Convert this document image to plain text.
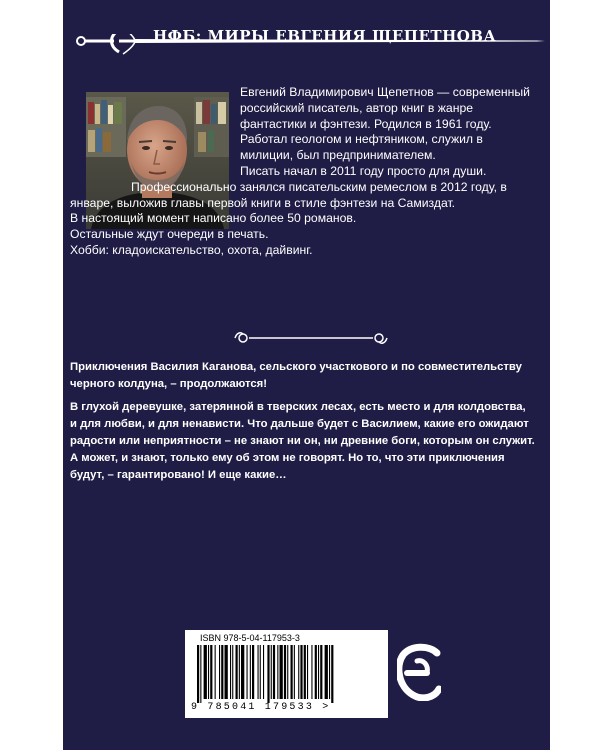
НФБ: МИРЫ ЕВГЕНИЯ ЩЕПЕТНОВА

Евгений Владимирович Щепетнов — современный российский писатель, автор книг в жанре фантастики и фэнтези. Родился в 1961 году. Работал геологом и нефтяником, служил в милиции, был предпринимателем.

Писать начал в 2011 году просто для души.

Профессионально занялся писательским ремеслом в 2012 году, в январе, выложив главы первой книги в стиле фэнтези на Самиздат.

В настоящий момент написано более 50 романов.

Остальные ждут очереди в печать.

Хобби: кладоискательство, охота, дайвинг.

Приключения Василия Каганова, сельского участкового и по совместительству черного колдуна, – продолжаются!

В глухой деревушке, затерянной в тверских лесах, есть место и для колдовства, и для любви, и для ненависти. Что дальше будет с Василием, какие его ожидают радости или неприятности – не знают ни он, ни древние боги, которым он служит. А может, и знают, только ему об этом не говорят. Но то, что эти приключения будут, – гарантировано! И еще какие…

ISBN 978-5-04-117953-3
9 785041 179533 >
